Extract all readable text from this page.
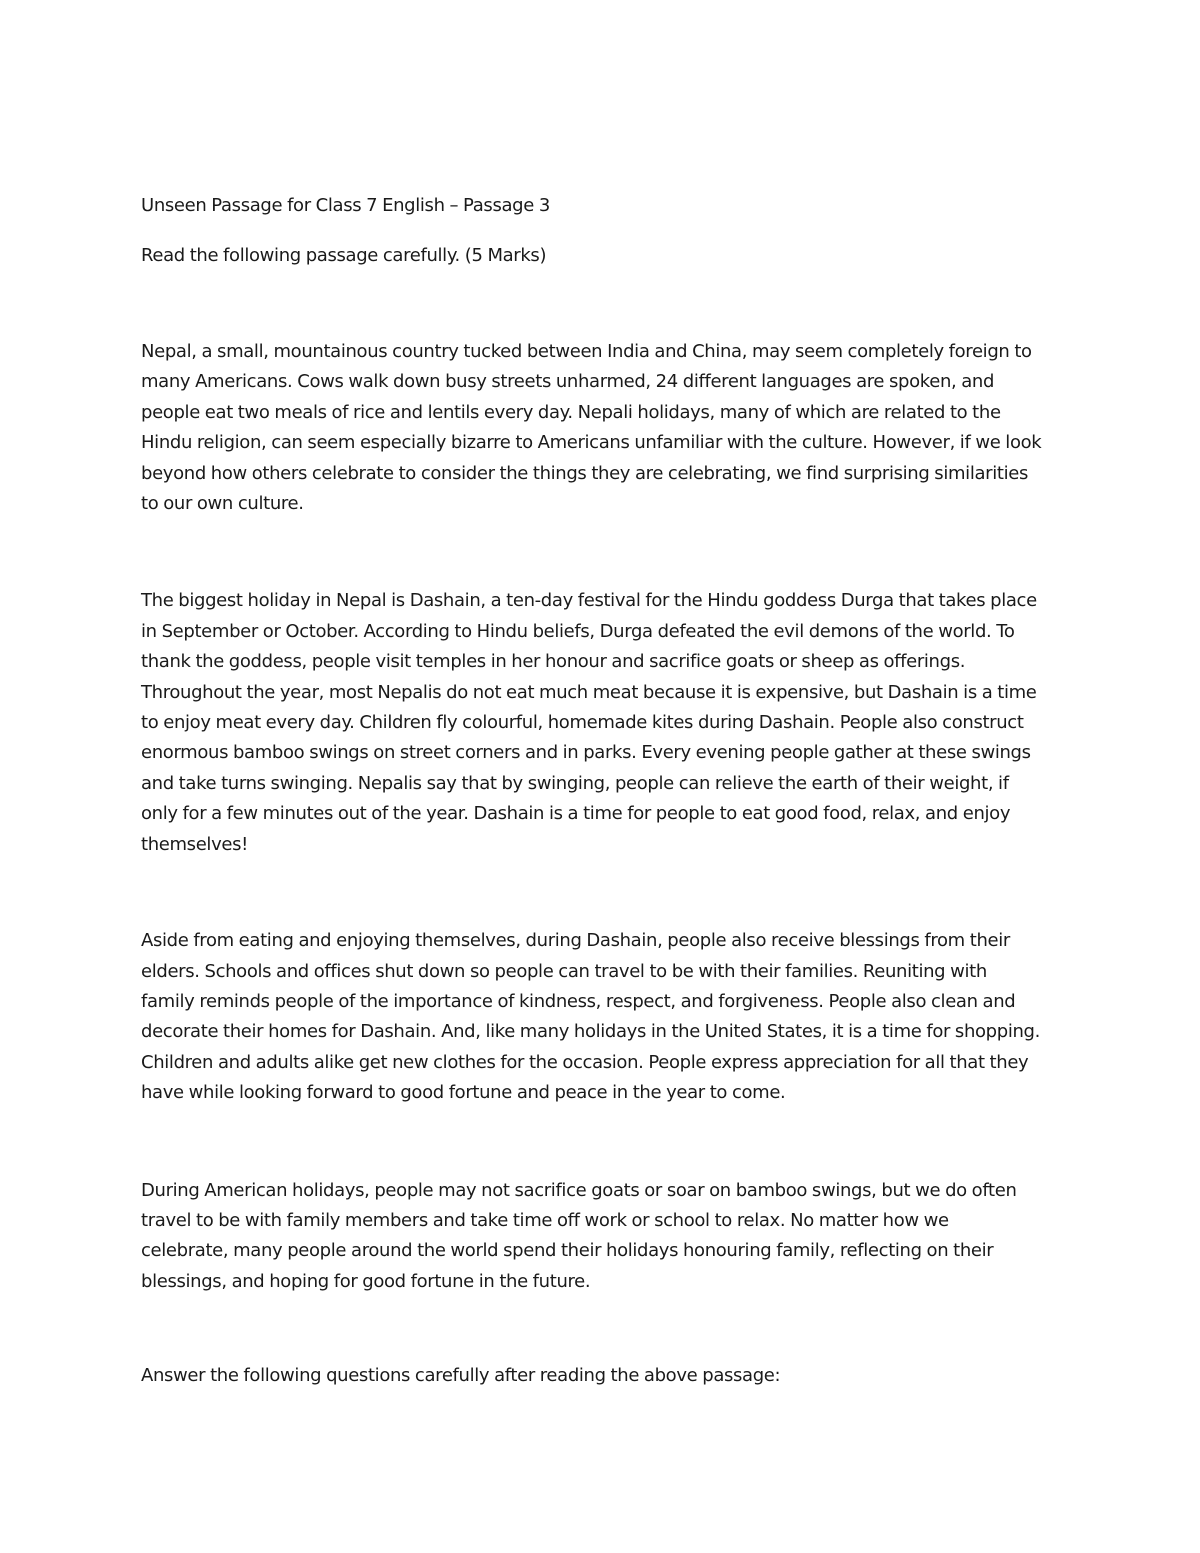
Unseen Passage for Class 7 English – Passage 3

Read the following passage carefully. (5 Marks)

Nepal, a small, mountainous country tucked between India and China, may seem completely foreign to

many Americans. Cows walk down busy streets unharmed, 24 different languages are spoken, and

people eat two meals of rice and lentils every day. Nepali holidays, many of which are related to the

Hindu religion, can seem especially bizarre to Americans unfamiliar with the culture. However, if we look

beyond how others celebrate to consider the things they are celebrating, we find surprising similarities

to our own culture.

The biggest holiday in Nepal is Dashain, a ten-day festival for the Hindu goddess Durga that takes place

in September or October. According to Hindu beliefs, Durga defeated the evil demons of the world. To

thank the goddess, people visit temples in her honour and sacrifice goats or sheep as offerings.

Throughout the year, most Nepalis do not eat much meat because it is expensive, but Dashain is a time

to enjoy meat every day. Children fly colourful, homemade kites during Dashain. People also construct

enormous bamboo swings on street corners and in parks. Every evening people gather at these swings

and take turns swinging. Nepalis say that by swinging, people can relieve the earth of their weight, if

only for a few minutes out of the year. Dashain is a time for people to eat good food, relax, and enjoy

themselves!

Aside from eating and enjoying themselves, during Dashain, people also receive blessings from their

elders. Schools and offices shut down so people can travel to be with their families. Reuniting with

family reminds people of the importance of kindness, respect, and forgiveness. People also clean and

decorate their homes for Dashain. And, like many holidays in the United States, it is a time for shopping.

Children and adults alike get new clothes for the occasion. People express appreciation for all that they

have while looking forward to good fortune and peace in the year to come.

During American holidays, people may not sacrifice goats or soar on bamboo swings, but we do often

travel to be with family members and take time off work or school to relax. No matter how we

celebrate, many people around the world spend their holidays honouring family, reflecting on their

blessings, and hoping for good fortune in the future.

Answer the following questions carefully after reading the above passage:
